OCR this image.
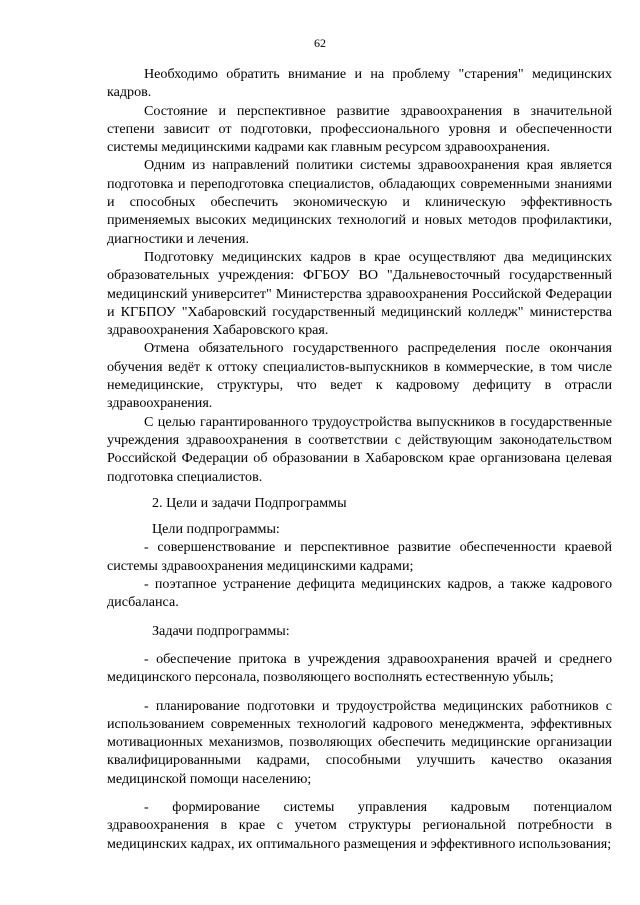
62

Необходимо обратить внимание и на проблему "старения" медицинских кадров.

Состояние и перспективное развитие здравоохранения в значительной степени зависит от подготовки, профессионального уровня и обеспеченности системы медицинскими кадрами как главным ресурсом здравоохранения.

Одним из направлений политики системы здравоохранения края является подготовка и переподготовка специалистов, обладающих современными знаниями и способных обеспечить экономическую и клиническую эффективность применяемых высоких медицинских технологий и новых методов профилактики, диагностики и лечения.

Подготовку медицинских кадров в крае осуществляют два медицинских образовательных учреждения: ФГБОУ ВО "Дальневосточный государственный медицинский университет" Министерства здравоохранения Российской Федерации и КГБПОУ "Хабаровский государственный медицинский колледж" министерства здравоохранения Хабаровского края.

Отмена обязательного государственного распределения после окончания обучения ведёт к оттоку специалистов-выпускников в коммерческие, в том числе немедицинские, структуры, что ведет к кадровому дефициту в отрасли здравоохранения.

С целью гарантированного трудоустройства выпускников в государственные учреждения здравоохранения в соответствии с действующим законодательством Российской Федерации об образовании в Хабаровском крае организована целевая подготовка специалистов.

2. Цели и задачи Подпрограммы

Цели подпрограммы:

- совершенствование и перспективное развитие обеспеченности краевой системы здравоохранения медицинскими кадрами;

- поэтапное устранение дефицита медицинских кадров, а также кадрового дисбаланса.

Задачи подпрограммы:

- обеспечение притока в учреждения здравоохранения врачей и среднего медицинского персонала, позволяющего восполнять естественную убыль;

- планирование подготовки и трудоустройства медицинских работников с использованием современных технологий кадрового менеджмента, эффективных мотивационных механизмов, позволяющих обеспечить медицинские организации квалифицированными кадрами, способными улучшить качество оказания медицинской помощи населению;

- формирование системы управления кадровым потенциалом здравоохранения в крае с учетом структуры региональной потребности в медицинских кадрах, их оптимального размещения и эффективного использования;
